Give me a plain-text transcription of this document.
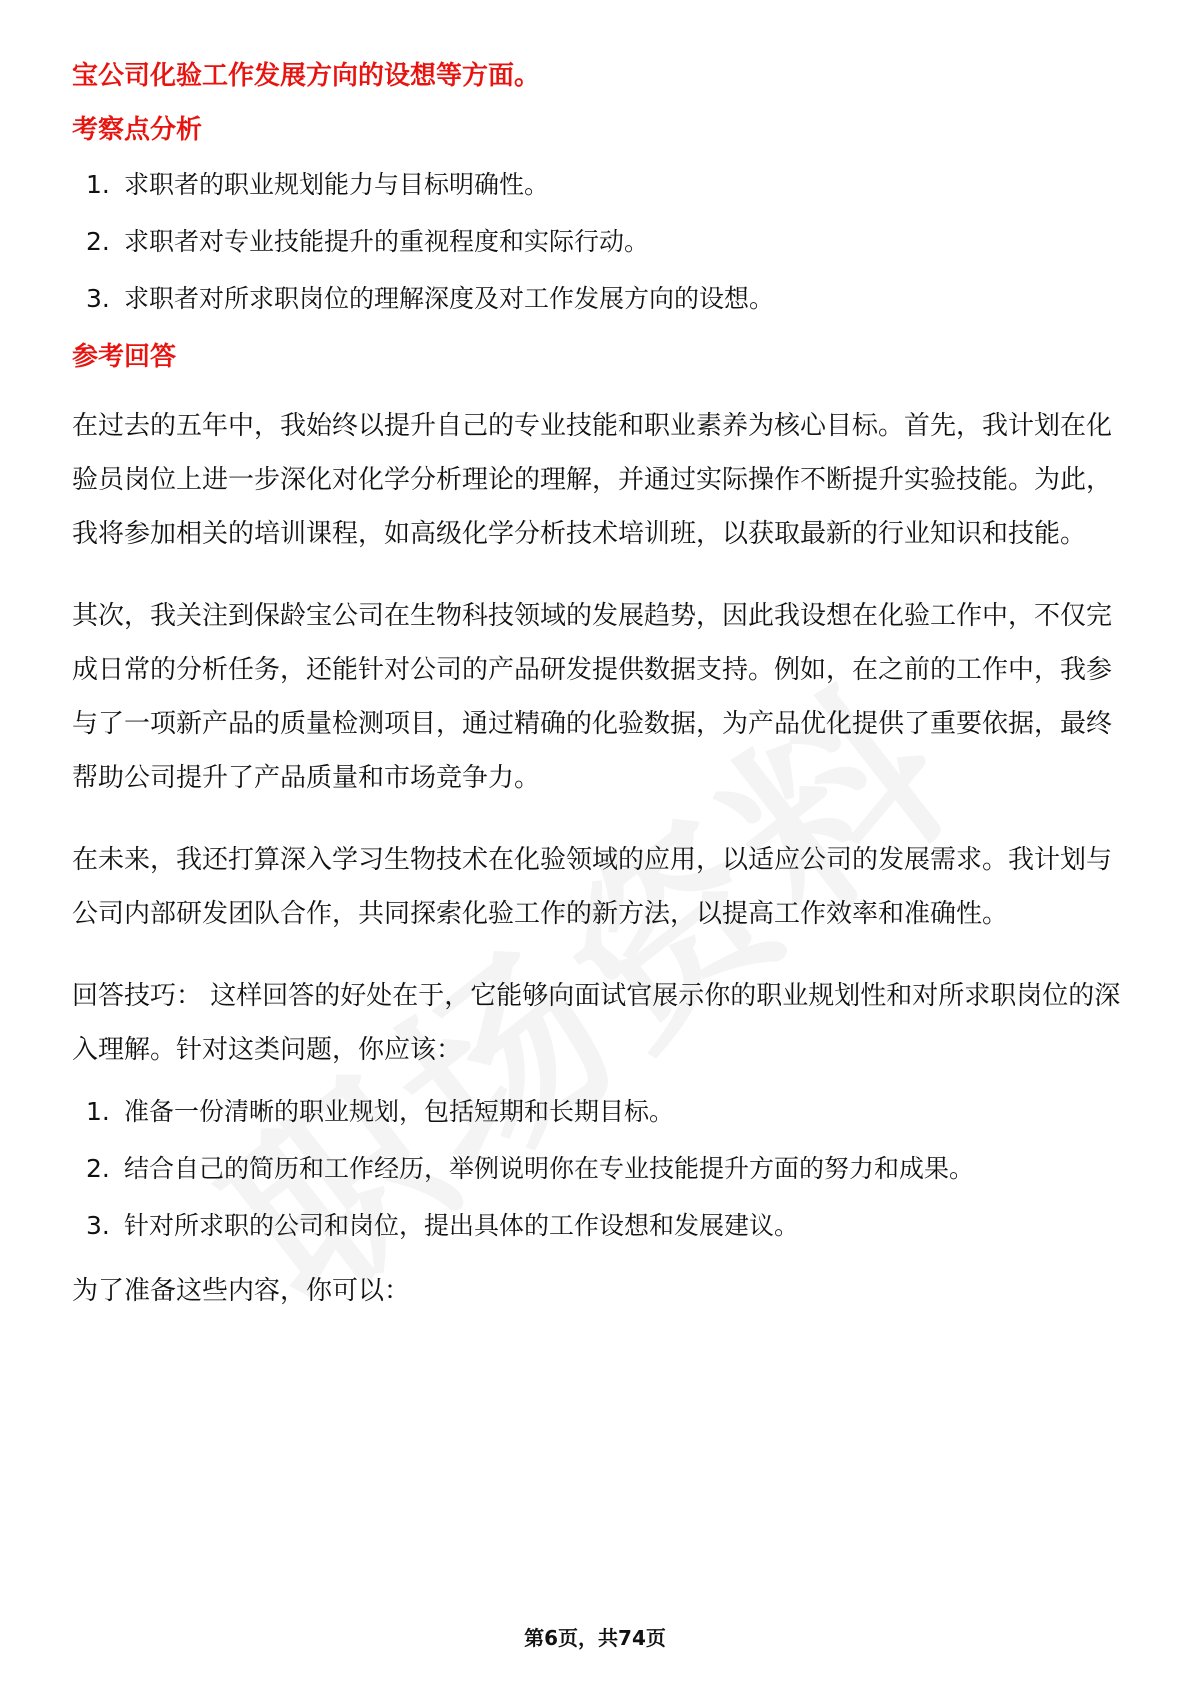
宝公司化验工作发展方向的设想等方面。

考察点分析
1. 求职者的职业规划能力与目标明确性。
2. 求职者对专业技能提升的重视程度和实际行动。
3. 求职者对所求职岗位的理解深度及对工作发展方向的设想。
参考回答

在过去的五年中，我始终以提升自己的专业技能和职业素养为核心目标。首先，我计划在化验员岗位上进一步深化对化学分析理论的理解，并通过实际操作不断提升实验技能。为此，我将参加相关的培训课程，如高级化学分析技术培训班，以获取最新的行业知识和技能。

其次，我关注到保龄宝公司在生物科技领域的发展趋势，因此我设想在化验工作中，不仅完成日常的分析任务，还能针对公司的产品研发提供数据支持。例如，在之前的工作中，我参与了一项新产品的质量检测项目，通过精确的化验数据，为产品优化提供了重要依据，最终帮助公司提升了产品质量和市场竞争力。

在未来，我还打算深入学习生物技术在化验领域的应用，以适应公司的发展需求。我计划与公司内部研发团队合作，共同探索化验工作的新方法，以提高工作效率和准确性。

回答技巧： 这样回答的好处在于，它能够向面试官展示你的职业规划性和对所求职岗位的深入理解。针对这类问题，你应该：

1. 准备一份清晰的职业规划，包括短期和长期目标。
2. 结合自己的简历和工作经历，举例说明你在专业技能提升方面的努力和成果。
3. 针对所求职的公司和岗位，提出具体的工作设想和发展建议。

为了准备这些内容，你可以：

第6页，共74页
